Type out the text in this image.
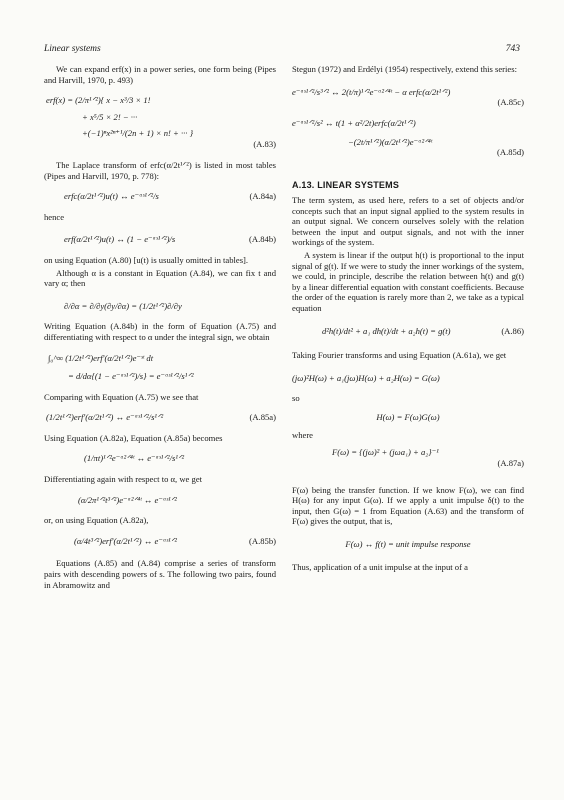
Linear systems	743

We can expand erf(x) in a power series, one form being (Pipes and Harvill, 1970, p. 493)

erf(x) = (2/π¹ᐟ²){ x − x³/3 × 1!
+ x⁵/5 × 2! − ···
+(−1)ⁿx²ⁿ⁺¹/(2n + 1) × n! + ··· }
(A.83)

The Laplace transform of erfc(α/2t¹ᐟ²) is listed in most tables (Pipes and Harvill, 1970, p. 778):

erfc(α/2t¹ᐟ²)u(t) ↔ e⁻ᵅˢ¹ᐟ²/s	(A.84a)

hence

erf(α/2t¹ᐟ²)u(t) ↔ (1 − e⁻ᵅˢ¹ᐟ²)/s	(A.84b)

on using Equation (A.80) [u(t) is usually omitted in tables].

Although α is a constant in Equation (A.84), we can fix t and vary α; then

∂/∂α = ∂/∂y(∂y/∂α) = (1/2t¹ᐟ²)∂/∂y

Writing Equation (A.84b) in the form of Equation (A.75) and differentiating with respect to α under the integral sign, we obtain

∫₀^∞ (1/2t¹ᐟ²)erf′(α/2t¹ᐟ²)e⁻ˢᵗ dt
= d/dα{(1 − e⁻ᵅˢ¹ᐟ²)/s} = e⁻ᵅˢ¹ᐟ²/s¹ᐟ²

Comparing with Equation (A.75) we see that

(1/2t¹ᐟ²)erf′(α/2t¹ᐟ²) ↔ e⁻ᵅˢ¹ᐟ²/s¹ᐟ²	(A.85a)

Using Equation (A.82a), Equation (A.85a) becomes

(1/πt)¹ᐟ²e⁻ᵅ²ᐟ⁴ᵗ ↔ e⁻ᵅˢ¹ᐟ²/s¹ᐟ²

Differentiating again with respect to α, we get

(α/2π¹ᐟ²t³ᐟ²)e⁻ᵅ²ᐟ⁴ᵗ ↔ e⁻ᵅˢ¹ᐟ²

or, on using Equation (A.82a),

(α/4t³ᐟ²)erf′(α/2t¹ᐟ²) ↔ e⁻ᵅˢ¹ᐟ²	(A.85b)

Equations (A.85) and (A.84) comprise a series of transform pairs with descending powers of s. The following two pairs, found in Abramowitz and

Stegun (1972) and Erdélyi (1954) respectively, extend this series:

e⁻ᵅˢ¹ᐟ²/s³ᐟ² ↔ 2(t/π)¹ᐟ²e⁻ᵅ²ᐟ⁴ᵗ − α erfc(α/2t¹ᐟ²)
(A.85c)
e⁻ᵅˢ¹ᐟ²/s² ↔ t(1 + α²/2t)erfc(α/2t¹ᐟ²)
−(2t/π¹ᐟ²)(α/2t¹ᐟ²)e⁻ᵅ²ᐟ⁴ᵗ
(A.85d)
A.13. LINEAR SYSTEMS

The term system, as used here, refers to a set of objects and/or concepts such that an input signal applied to the system results in an output signal. We concern ourselves solely with the relation between the input and output signals, and not with the inner workings of the system.

A system is linear if the output h(t) is proportional to the input signal of g(t). If we were to study the inner workings of the system, we could, in principle, describe the relation between h(t) and g(t) by a linear differential equation with constant coefficients. Because the order of the equation is rarely more than 2, we take as a typical equation

d²h(t)/dt² + a₁ dh(t)/dt + a₂h(t) = g(t)	(A.86)

Taking Fourier transforms and using Equation (A.61a), we get

(jω)²H(ω) + a₁(jω)H(ω) + a₂H(ω) = G(ω)

so

H(ω) = F(ω)G(ω)

where

F(ω) = {(jω)² + (jωa₁) + a₂}⁻¹
(A.87a)

F(ω) being the transfer function. If we know F(ω), we can find H(ω) for any input G(ω). If we apply a unit impulse δ(t) to the input, then G(ω) = 1 from Equation (A.63) and the transform of F(ω) gives the output, that is,

F(ω) ↔ f(t) = unit impulse response

Thus, application of a unit impulse at the input of a
